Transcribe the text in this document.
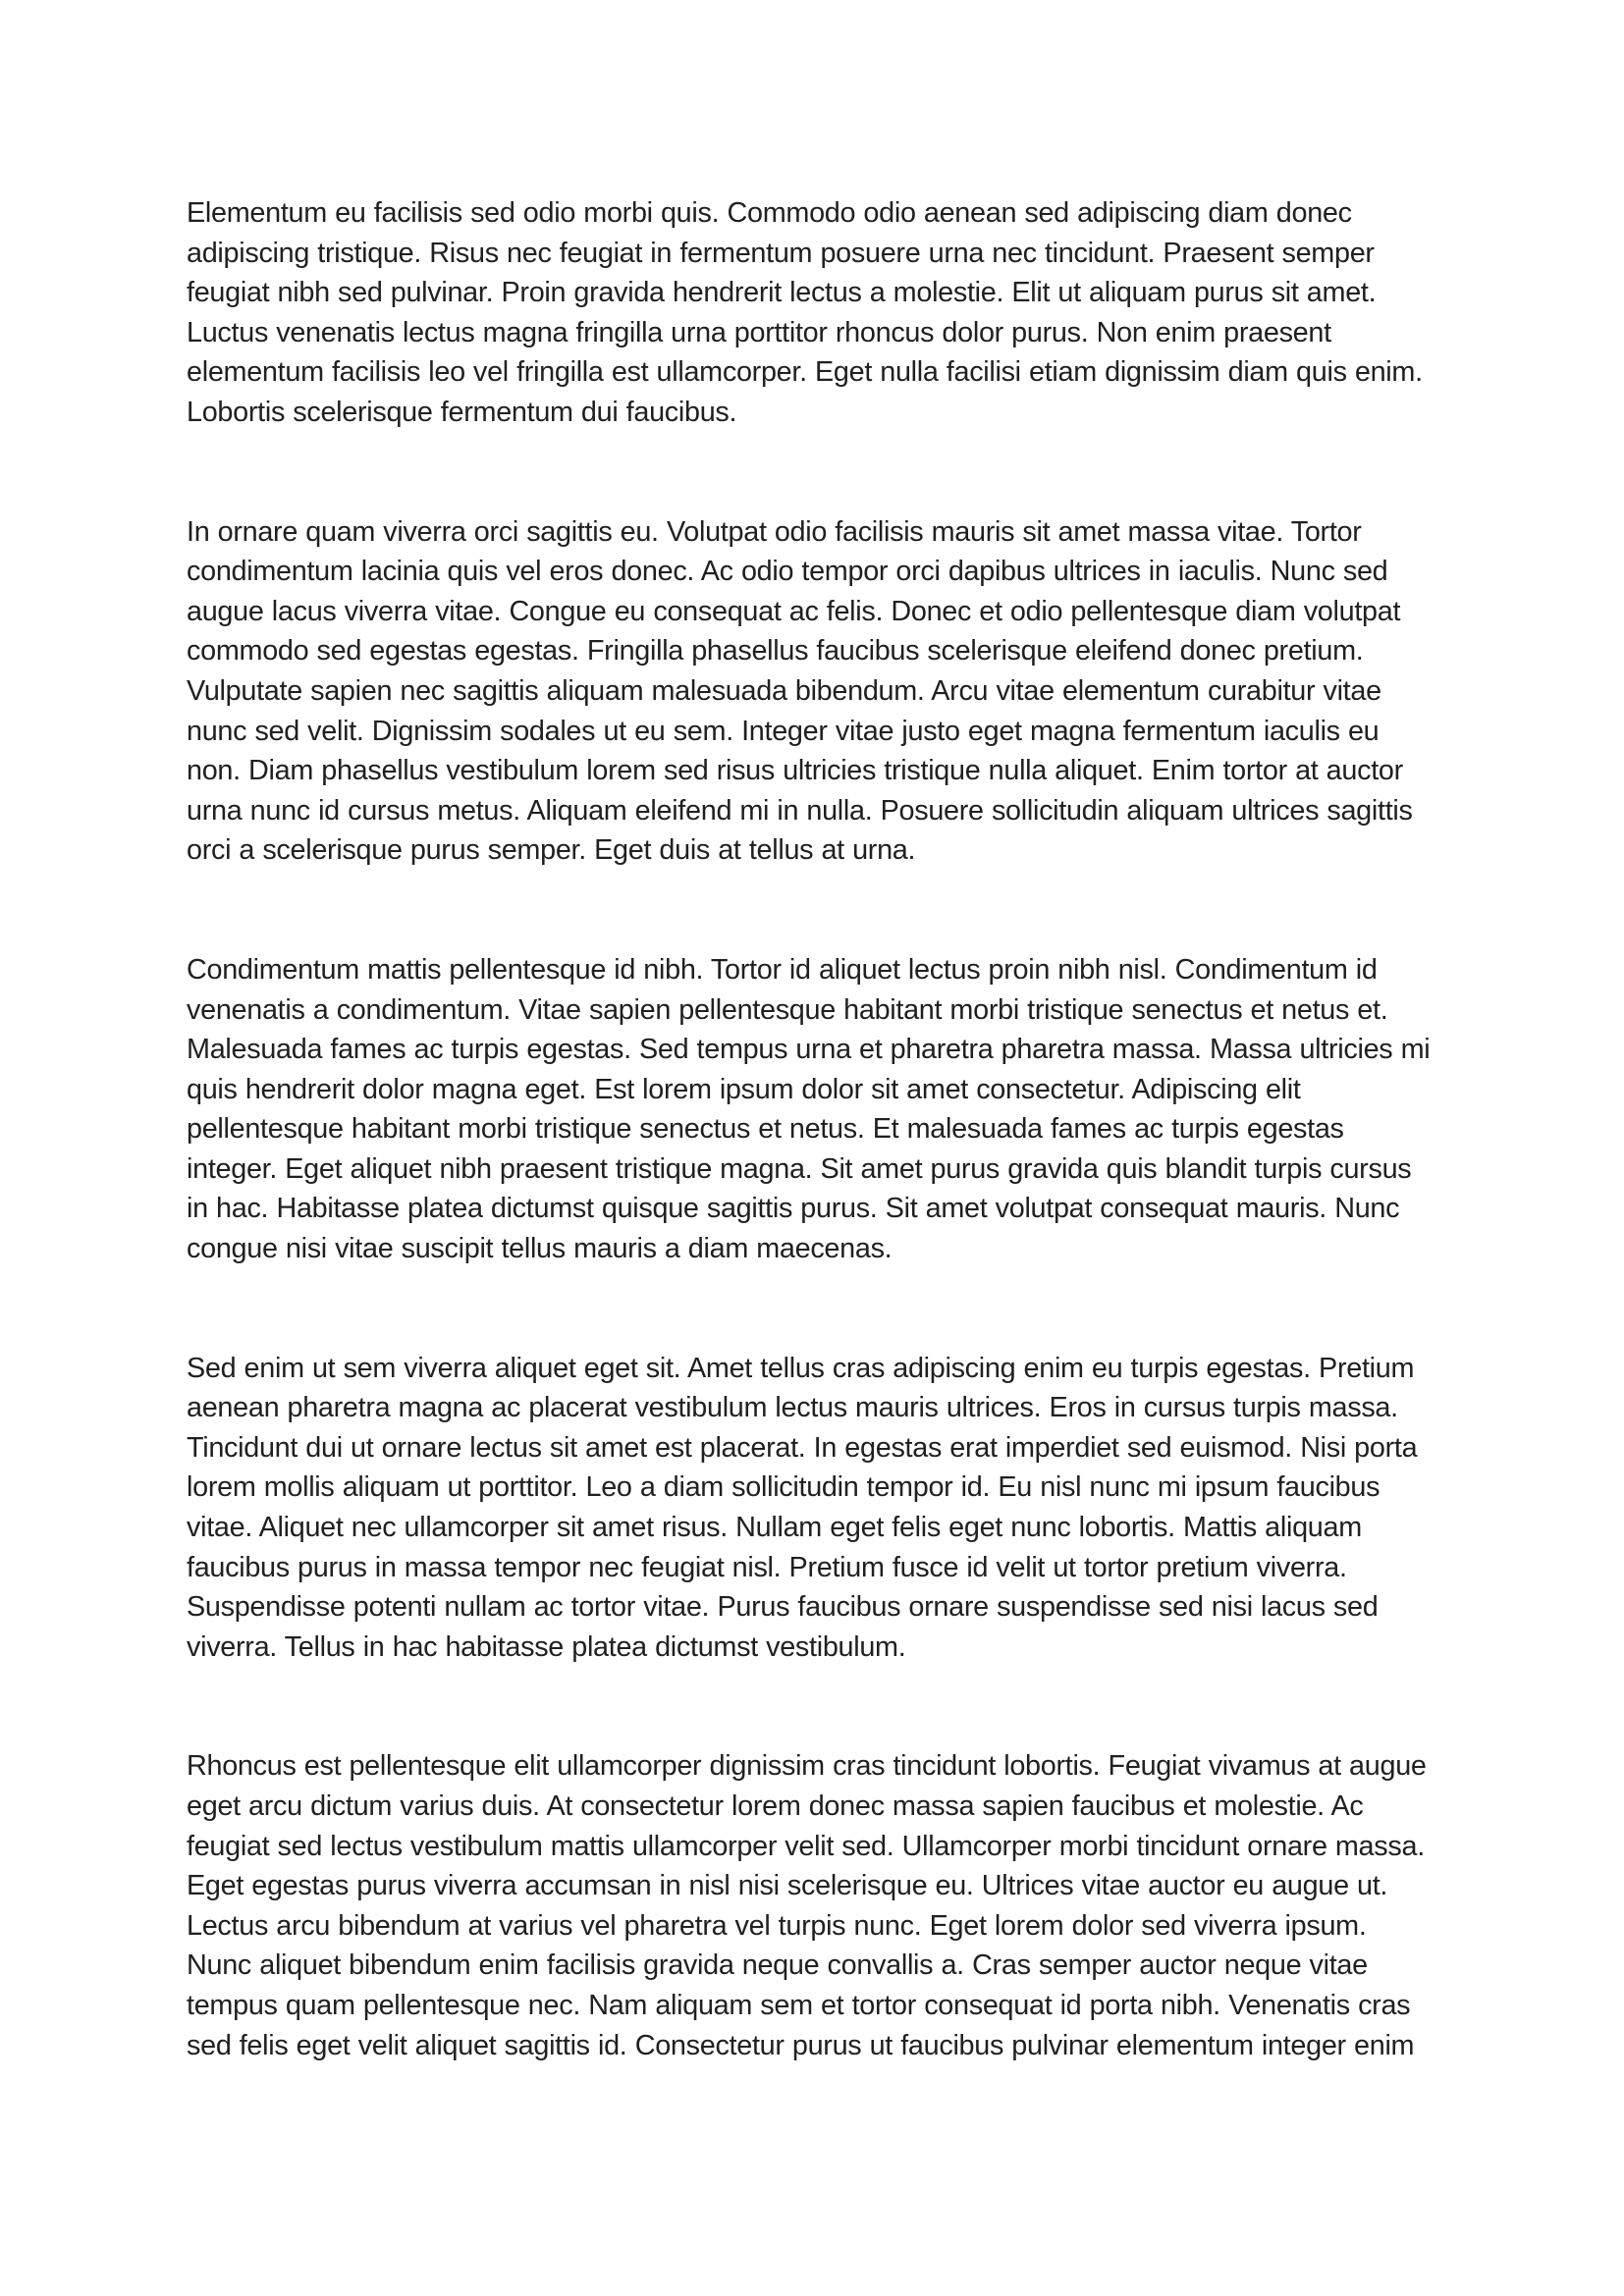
Elementum eu facilisis sed odio morbi quis. Commodo odio aenean sed adipiscing diam donec adipiscing tristique. Risus nec feugiat in fermentum posuere urna nec tincidunt. Praesent semper feugiat nibh sed pulvinar. Proin gravida hendrerit lectus a molestie. Elit ut aliquam purus sit amet. Luctus venenatis lectus magna fringilla urna porttitor rhoncus dolor purus. Non enim praesent elementum facilisis leo vel fringilla est ullamcorper. Eget nulla facilisi etiam dignissim diam quis enim. Lobortis scelerisque fermentum dui faucibus.

In ornare quam viverra orci sagittis eu. Volutpat odio facilisis mauris sit amet massa vitae. Tortor condimentum lacinia quis vel eros donec. Ac odio tempor orci dapibus ultrices in iaculis. Nunc sed augue lacus viverra vitae. Congue eu consequat ac felis. Donec et odio pellentesque diam volutpat commodo sed egestas egestas. Fringilla phasellus faucibus scelerisque eleifend donec pretium. Vulputate sapien nec sagittis aliquam malesuada bibendum. Arcu vitae elementum curabitur vitae nunc sed velit. Dignissim sodales ut eu sem. Integer vitae justo eget magna fermentum iaculis eu non. Diam phasellus vestibulum lorem sed risus ultricies tristique nulla aliquet. Enim tortor at auctor urna nunc id cursus metus. Aliquam eleifend mi in nulla. Posuere sollicitudin aliquam ultrices sagittis orci a scelerisque purus semper. Eget duis at tellus at urna.

Condimentum mattis pellentesque id nibh. Tortor id aliquet lectus proin nibh nisl. Condimentum id venenatis a condimentum. Vitae sapien pellentesque habitant morbi tristique senectus et netus et. Malesuada fames ac turpis egestas. Sed tempus urna et pharetra pharetra massa. Massa ultricies mi quis hendrerit dolor magna eget. Est lorem ipsum dolor sit amet consectetur. Adipiscing elit pellentesque habitant morbi tristique senectus et netus. Et malesuada fames ac turpis egestas integer. Eget aliquet nibh praesent tristique magna. Sit amet purus gravida quis blandit turpis cursus in hac. Habitasse platea dictumst quisque sagittis purus. Sit amet volutpat consequat mauris. Nunc congue nisi vitae suscipit tellus mauris a diam maecenas.

Sed enim ut sem viverra aliquet eget sit. Amet tellus cras adipiscing enim eu turpis egestas. Pretium aenean pharetra magna ac placerat vestibulum lectus mauris ultrices. Eros in cursus turpis massa. Tincidunt dui ut ornare lectus sit amet est placerat. In egestas erat imperdiet sed euismod. Nisi porta lorem mollis aliquam ut porttitor. Leo a diam sollicitudin tempor id. Eu nisl nunc mi ipsum faucibus vitae. Aliquet nec ullamcorper sit amet risus. Nullam eget felis eget nunc lobortis. Mattis aliquam faucibus purus in massa tempor nec feugiat nisl. Pretium fusce id velit ut tortor pretium viverra. Suspendisse potenti nullam ac tortor vitae. Purus faucibus ornare suspendisse sed nisi lacus sed viverra. Tellus in hac habitasse platea dictumst vestibulum.

Rhoncus est pellentesque elit ullamcorper dignissim cras tincidunt lobortis. Feugiat vivamus at augue eget arcu dictum varius duis. At consectetur lorem donec massa sapien faucibus et molestie. Ac feugiat sed lectus vestibulum mattis ullamcorper velit sed. Ullamcorper morbi tincidunt ornare massa. Eget egestas purus viverra accumsan in nisl nisi scelerisque eu. Ultrices vitae auctor eu augue ut. Lectus arcu bibendum at varius vel pharetra vel turpis nunc. Eget lorem dolor sed viverra ipsum. Nunc aliquet bibendum enim facilisis gravida neque convallis a. Cras semper auctor neque vitae tempus quam pellentesque nec. Nam aliquam sem et tortor consequat id porta nibh. Venenatis cras sed felis eget velit aliquet sagittis id. Consectetur purus ut faucibus pulvinar elementum integer enim
